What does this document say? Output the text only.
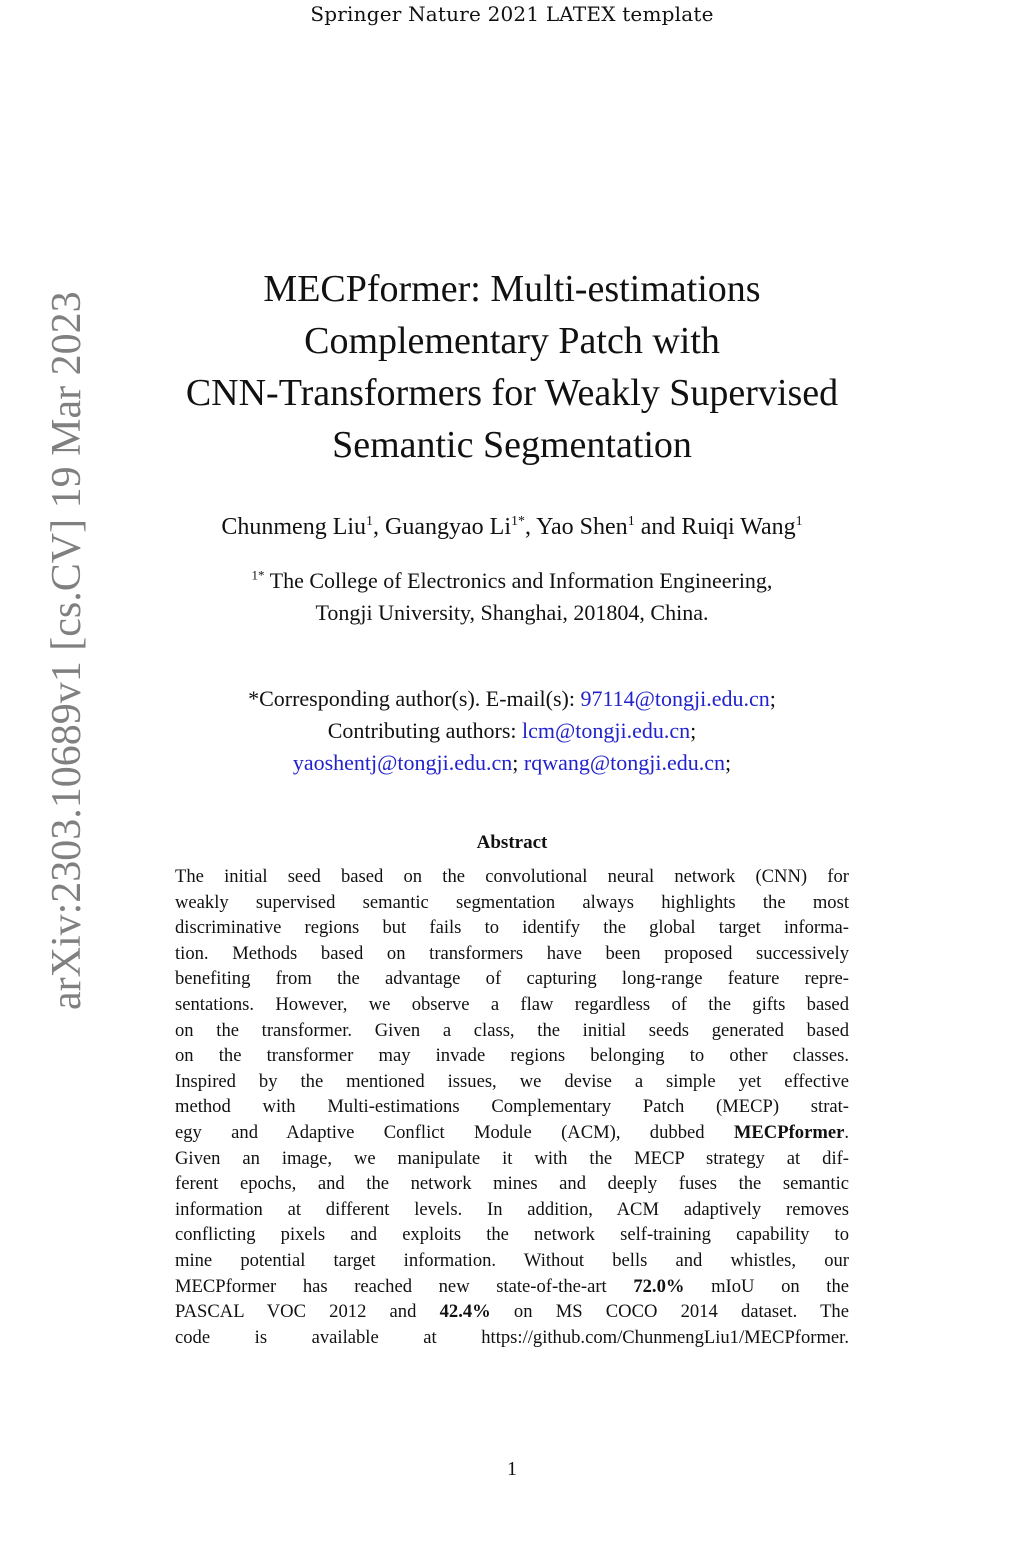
Springer Nature 2021 LATEX template
arXiv:2303.10689v1 [cs.CV] 19 Mar 2023
MECPformer: Multi-estimations
Complementary Patch with
CNN-Transformers for Weakly Supervised
Semantic Segmentation
Chunmeng Liu$^1$, Guangyao $Li^{1*}$, Yao Shen$^1$ and Ruiqi Wang$^1$
$^{1*}$ The College of Electronics and Information Engineering,
Tongji University, Shanghai, 201804, China.
*Corresponding author(s). E-mail(s): 97114@tongji.edu.cn;
Contributing authors: lcm@tongji.edu.cn;
yaoshentj@tongji.edu.cn; rqwang@tongji.edu.cn;
Abstract
The initial seed based on the convolutional neural network (CNN) for
weakly supervised semantic segmentation always highlights the most
discriminative regions but fails to identify the global target informa-
tion. Methods based on transformers have been proposed successively
benefiting from the advantage of capturing long-range feature repre-
sentations. However, we observe a flaw regardless of the gifts based
on the transformer. Given a class, the initial seeds generated based
on the transformer may invade regions belonging to other classes.
Inspired by the mentioned issues, we devise a simple yet effective
method with Multi-estimations Complementary Patch (MECP) strat-
egy and Adaptive Conflict Module (ACM), dubbed MECPformer.
Given an image, we manipulate it with the MECP strategy at dif-
ferent epochs, and the network mines and deeply fuses the semantic
information at different levels. In addition, ACM adaptively removes
conflicting pixels and exploits the network self-training capability to
mine potential target information. Without bells and whistles, our
MECPformer has reached new state-of-the-art 72.0% mIoU on the
PASCAL VOC 2012 and 42.4% on MS COCO 2014 dataset. The
code is available at https://github.com/ChunmengLiu1/MECPformer.
1
